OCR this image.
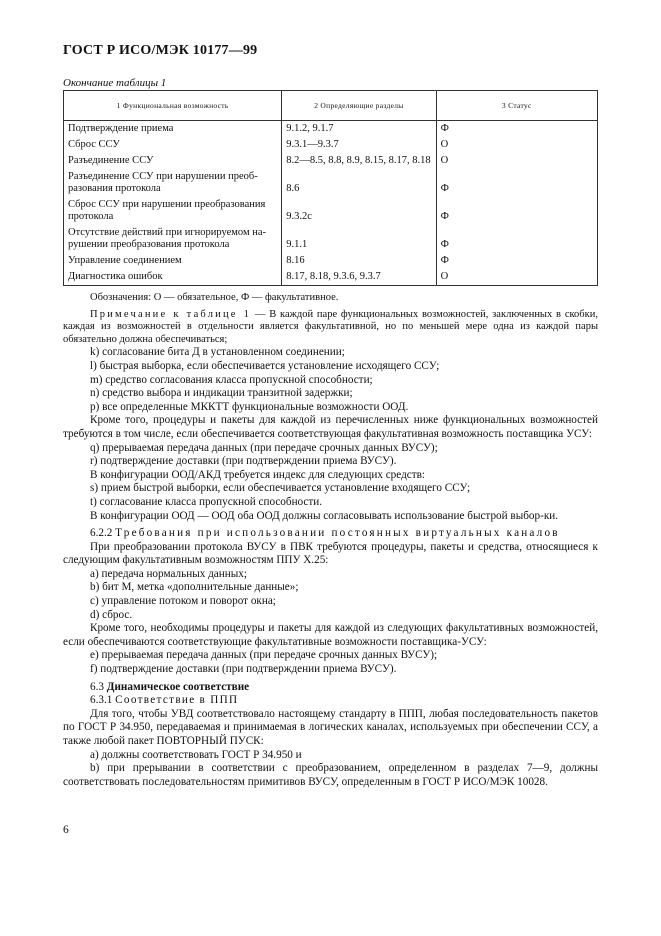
ГОСТ Р ИСО/МЭК 10177—99
Окончание таблицы 1
1 Функциональная возможность	2 Определяющие разделы	3 Статус
Подтверждение приема	9.1.2, 9.1.7	Ф
Сброс ССУ	9.3.1—9.3.7	О
Разъединение ССУ	8.2—8.5, 8.8, 8.9, 8.15, 8.17, 8.18	О
Разъединение ССУ при нарушении преоб-разования протокола	8.6	Ф
Сброс ССУ при нарушении преобразования протокола	9.3.2c	Ф
Отсутствие действий при игнорируемом на-рушении преобразования протокола	9.1.1	Ф
Управление соединением	8.16	Ф
Диагностика ошибок	8.17, 8.18, 9.3.6, 9.3.7	О

Обозначения: О — обязательное, Ф — факультативное.

Примечание к таблице 1 — В каждой паре функциональных возможностей, заключенных в скобки, каждая из возможностей в отдельности является факультативной, но по меньшей мере одна из каждой пары обязательно должна обеспечиваться;

k) согласование бита Д в установленном соединении;

l) быстрая выборка, если обеспечивается установление исходящего ССУ;

m) средство согласования класса пропускной способности;

n) средство выбора и индикации транзитной задержки;

p) все определенные МККТТ функциональные возможности ООД.

Кроме того, процедуры и пакеты для каждой из перечисленных ниже функциональных возможностей требуются в том числе, если обеспечивается соответствующая факультативная возможность поставщика УСУ:

q) прерываемая передача данных (при передаче срочных данных ВУСУ);

r) подтверждение доставки (при подтверждении приема ВУСУ).

В конфигурации ООД/АКД требуется индекс для следующих средств:

s) прием быстрой выборки, если обеспечивается установление входящего ССУ;

t) согласование класса пропускной способности.

В конфигурации ООД — ООД оба ООД должны согласовывать использование быстрой выбор-ки.

6.2.2 Требования при использовании постоянных виртуальных каналов

При преобразовании протокола ВУСУ в ПВК требуются процедуры, пакеты и средства, относящиеся к следующим факультативным возможностям ППУ Х.25:

а) передача нормальных данных;

b) бит М, метка «дополнительные данные»;

c) управление потоком и поворот окна;

d) сброс.

Кроме того, необходимы процедуры и пакеты для каждой из следующих факультативных возможностей, если обеспечиваются соответствующие факультативные возможности поставщика-УСУ:

е) прерываемая передача данных (при передаче срочных данных ВУСУ);

f) подтверждение доставки (при подтверждении приема ВУСУ).

6.3 Динамическое соответствие

6.3.1 Соответствие в ППП

Для того, чтобы УВД соответствовало настоящему стандарту в ППП, любая последовательность пакетов по ГОСТ Р 34.950, передаваемая и принимаемая в логических каналах, используемых при обеспечении ССУ, а также любой пакет ПОВТОРНЫЙ ПУСК:

а) должны соответствовать ГОСТ Р 34.950 и

b) при прерывании в соответствии с преобразованием, определенном в разделах 7—9, должны соответствовать последовательностям примитивов ВУСУ, определенным в ГОСТ Р ИСО/МЭК 10028.

6
